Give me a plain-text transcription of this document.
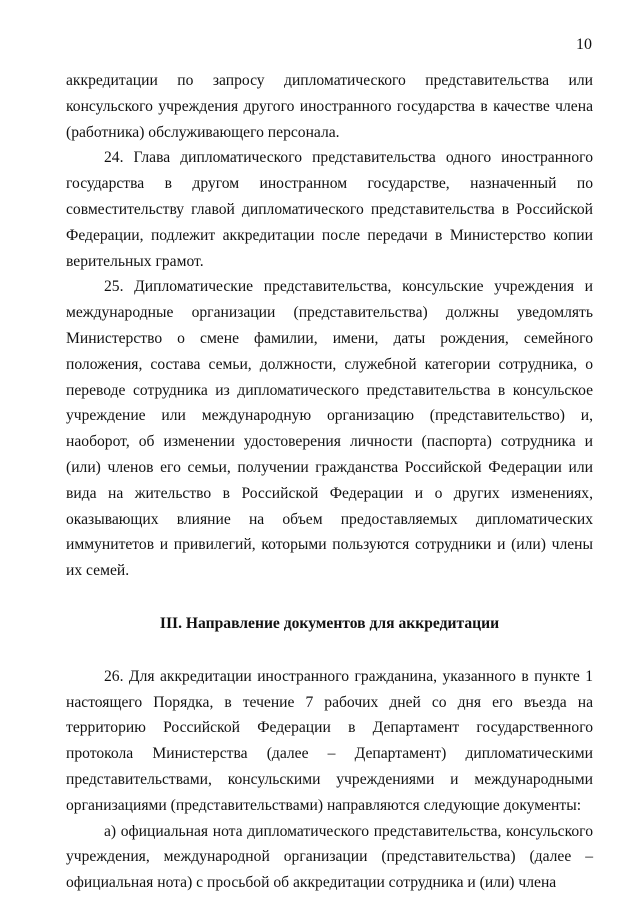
10

аккредитации по запросу дипломатического представительства или консульского учреждения другого иностранного государства в качестве члена (работника) обслуживающего персонала.

24. Глава дипломатического представительства одного иностранного государства в другом иностранном государстве, назначенный по совместительству главой дипломатического представительства в Российской Федерации, подлежит аккредитации после передачи в Министерство копии верительных грамот.

25. Дипломатические представительства, консульские учреждения и международные организации (представительства) должны уведомлять Министерство о смене фамилии, имени, даты рождения, семейного положения, состава семьи, должности, служебной категории сотрудника, о переводе сотрудника из дипломатического представительства в консульское учреждение или международную организацию (представительство) и, наоборот, об изменении удостоверения личности (паспорта) сотрудника и (или) членов его семьи, получении гражданства Российской Федерации или вида на жительство в Российской Федерации и о других изменениях, оказывающих влияние на объем предоставляемых дипломатических иммунитетов и привилегий, которыми пользуются сотрудники и (или) члены их семей.

III. Направление документов для аккредитации

26. Для аккредитации иностранного гражданина, указанного в пункте 1 настоящего Порядка, в течение 7 рабочих дней со дня его въезда на территорию Российской Федерации в Департамент государственного протокола Министерства (далее – Департамент) дипломатическими представительствами, консульскими учреждениями и международными организациями (представительствами) направляются следующие документы:

а) официальная нота дипломатического представительства, консульского учреждения, международной организации (представительства) (далее – официальная нота) с просьбой об аккредитации сотрудника и (или) члена
